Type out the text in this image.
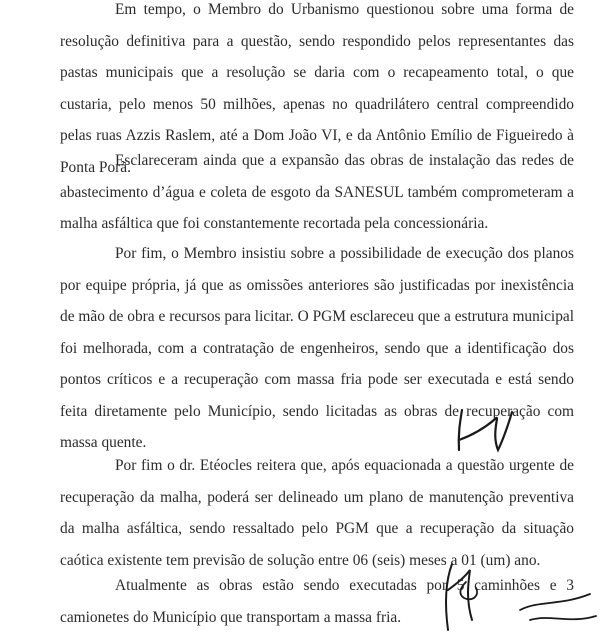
Em tempo, o Membro do Urbanismo questionou sobre uma forma de resolução definitiva para a questão, sendo respondido pelos representantes das pastas municipais que a resolução se daria com o recapeamento total, o que custaria, pelo menos 50 milhões, apenas no quadrilátero central compreendido pelas ruas Azzis Raslem, até a Dom João VI, e da Antônio Emílio de Figueiredo à Ponta Porã.

Esclareceram ainda que a expansão das obras de instalação das redes de abastecimento d’água e coleta de esgoto da SANESUL também comprometeram a malha asfáltica que foi constantemente recortada pela concessionária.

Por fim, o Membro insistiu sobre a possibilidade de execução dos planos por equipe própria, já que as omissões anteriores são justificadas por inexistência de mão de obra e recursos para licitar. O PGM esclareceu que a estrutura municipal foi melhorada, com a contratação de engenheiros, sendo que a identificação dos pontos críticos e a recuperação com massa fria pode ser executada e está sendo feita diretamente pelo Município, sendo licitadas as obras de recuperação com massa quente.

Por fim o dr. Etéocles reitera que, após equacionada a questão urgente de recuperação da malha, poderá ser delineado um plano de manutenção preventiva da malha asfáltica, sendo ressaltado pelo PGM que a recuperação da situação caótica existente tem previsão de solução entre 06 (seis) meses a 01 (um) ano.

Atualmente as obras estão sendo executadas por 5 caminhões e 3 camionetes do Município que transportam a massa fria.
